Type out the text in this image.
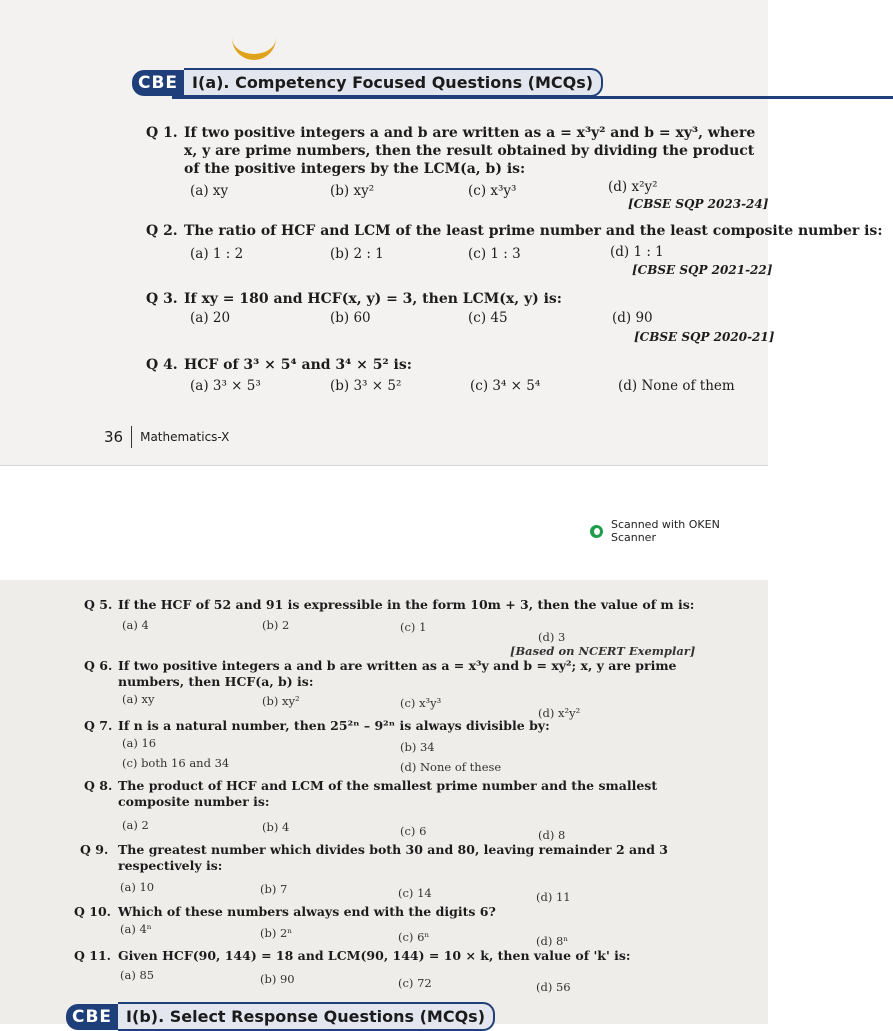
CBE I(a). Competency Focused Questions (MCQs)
Q 1. If two positive integers a and b are written as a = x³y² and b = xy³, where x, y are prime numbers, then the result obtained by dividing the product of the positive integers by the LCM(a, b) is:
(a) xy	(b) xy²	(c) x³y³	(d) x²y²
[CBSE SQP 2023-24]
Q 2. The ratio of HCF and LCM of the least prime number and the least composite number is:
(a) 1 : 2	(b) 2 : 1	(c) 1 : 3	(d) 1 : 1
[CBSE SQP 2021-22]
Q 3. If xy = 180 and HCF(x, y) = 3, then LCM(x, y) is:
(a) 20	(b) 60	(c) 45	(d) 90
[CBSE SQP 2020-21]
Q 4. HCF of 3³ × 5⁴ and 3⁴ × 5² is:
(a) 3³ × 5³	(b) 3³ × 5²	(c) 3⁴ × 5⁴	(d) None of them
36 Mathematics-X
Scanned with OKEN Scanner
Q 5. If the HCF of 52 and 91 is expressible in the form 10m + 3, then the value of m is:
(a) 4	(b) 2	(c) 1
(d) 3
[Based on NCERT Exemplar]
Q 6. If two positive integers a and b are written as a = x³y and b = xy²; x, y are prime numbers, then HCF(a, b) is:
(a) xy	(b) xy²	(c) x³y³
(d) x²y²
Q 7. If n is a natural number, then 25²ⁿ – 9²ⁿ is always divisible by:
(a) 16	(b) 34
(c) both 16 and 34	(d) None of these
Q 8. The product of HCF and LCM of the smallest prime number and the smallest composite number is:
(a) 2	(b) 4	(c) 6	(d) 8
Q 9. The greatest number which divides both 30 and 80, leaving remainder 2 and 3 respectively is:
(a) 10	(b) 7	(c) 14	(d) 11
Q 10. Which of these numbers always end with the digits 6?
(a) 4ⁿ	(b) 2ⁿ	(c) 6ⁿ	(d) 8ⁿ
Q 11. Given HCF(90, 144) = 18 and LCM(90, 144) = 10 × k, then value of 'k' is:
(a) 85	(b) 90	(c) 72	(d) 56
CBE I(b). Select Response Questions (MCQs)
